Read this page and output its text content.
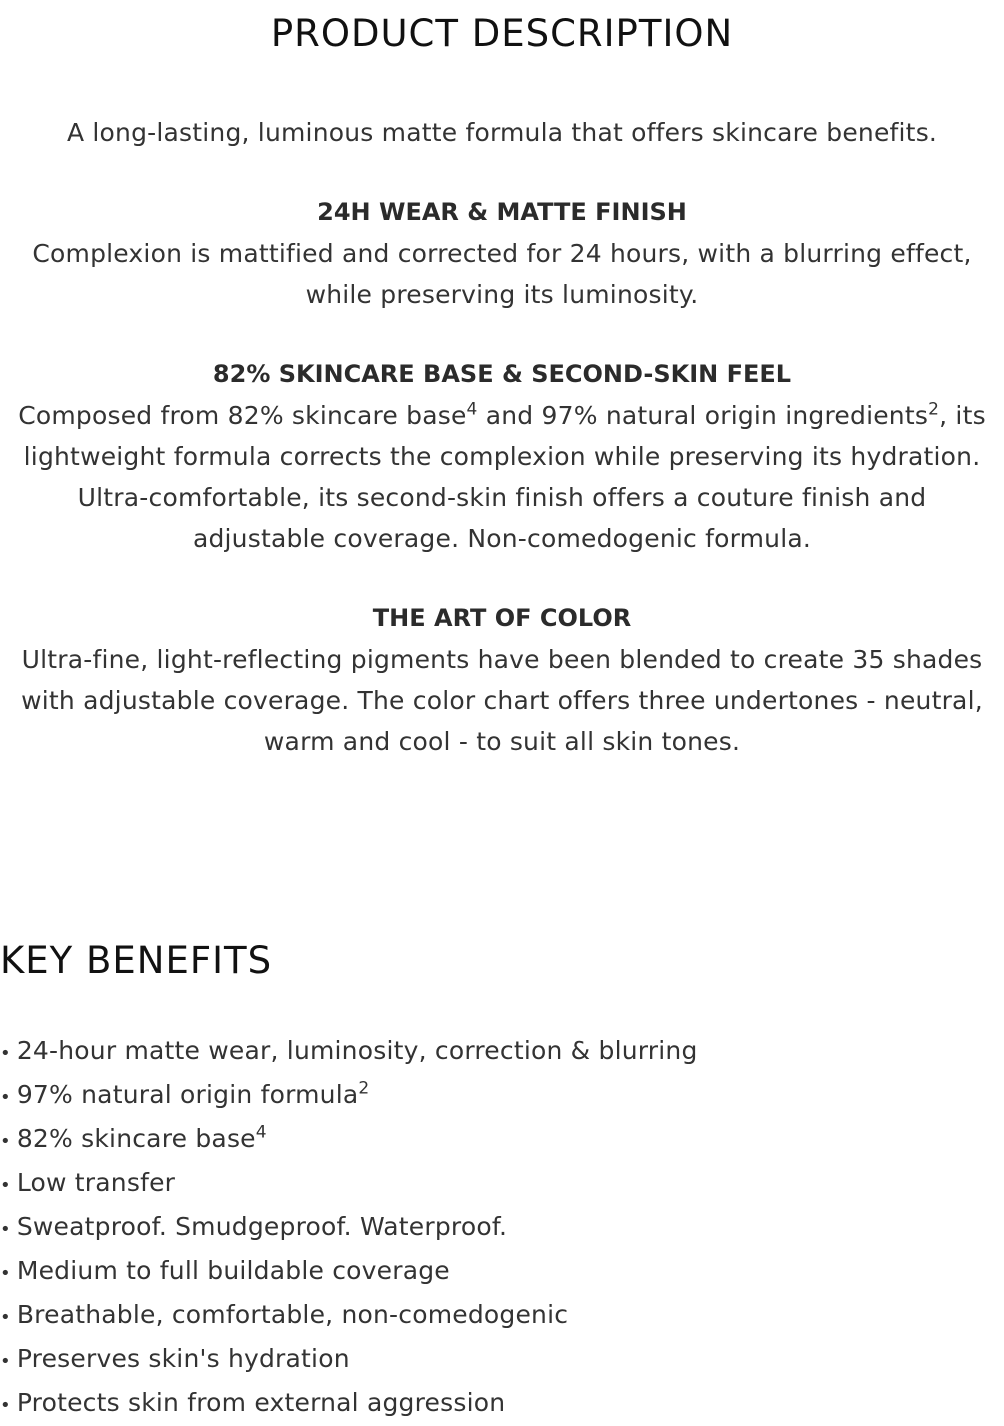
PRODUCT DESCRIPTION

A long-lasting, luminous matte formula that offers skincare benefits.

24H WEAR & MATTE FINISH

Complexion is mattified and corrected for 24 hours, with a blurring effect, while preserving its luminosity.

82% SKINCARE BASE & SECOND-SKIN FEEL

Composed from 82% skincare base$^4$ and 97% natural origin ingredients$^2$, its lightweight formula corrects the complexion while preserving its hydration. Ultra-comfortable, its second-skin finish offers a couture finish and adjustable coverage. Non-comedogenic formula.

THE ART OF COLOR

Ultra-fine, light-reflecting pigments have been blended to create 35 shades with adjustable coverage. The color chart offers three undertones - neutral, warm and cool - to suit all skin tones.

KEY BENEFITS
• 24-hour matte wear, luminosity, correction & blurring
• 97% natural origin formula$^2$
• 82% skincare base$^4$
• Low transfer
• Sweatproof. Smudgeproof. Waterproof.
• Medium to full buildable coverage
• Breathable, comfortable, non-comedogenic
• Preserves skin's hydration
• Protects skin from external aggression
